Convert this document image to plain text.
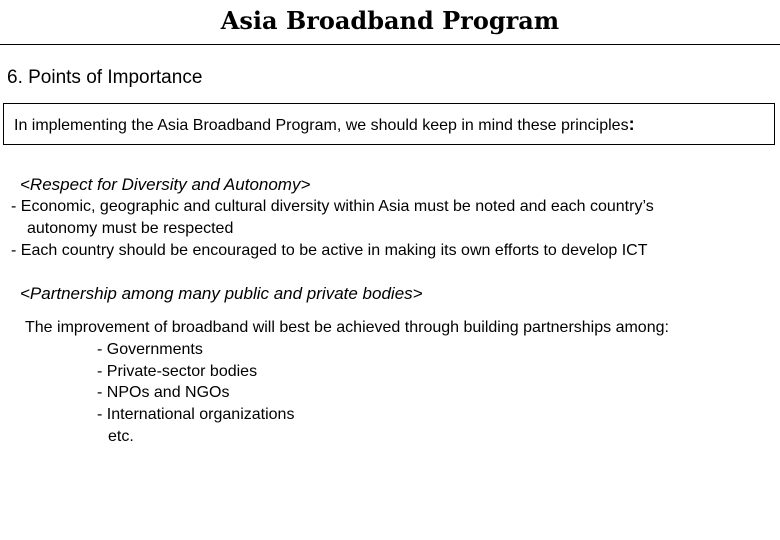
Asia Broadband Program
6. Points of Importance
In implementing the Asia Broadband Program, we should keep in mind these principles:
<Respect for Diversity and Autonomy>
- Economic, geographic and cultural diversity within Asia must be noted and each country’s
autonomy must be respected
- Each country should be encouraged to be active in making its own efforts to develop ICT
<Partnership among many public and private bodies>
The improvement of broadband will best be achieved through building partnerships among:
- Governments
- Private-sector bodies
- NPOs and NGOs
- International organizations
etc.
